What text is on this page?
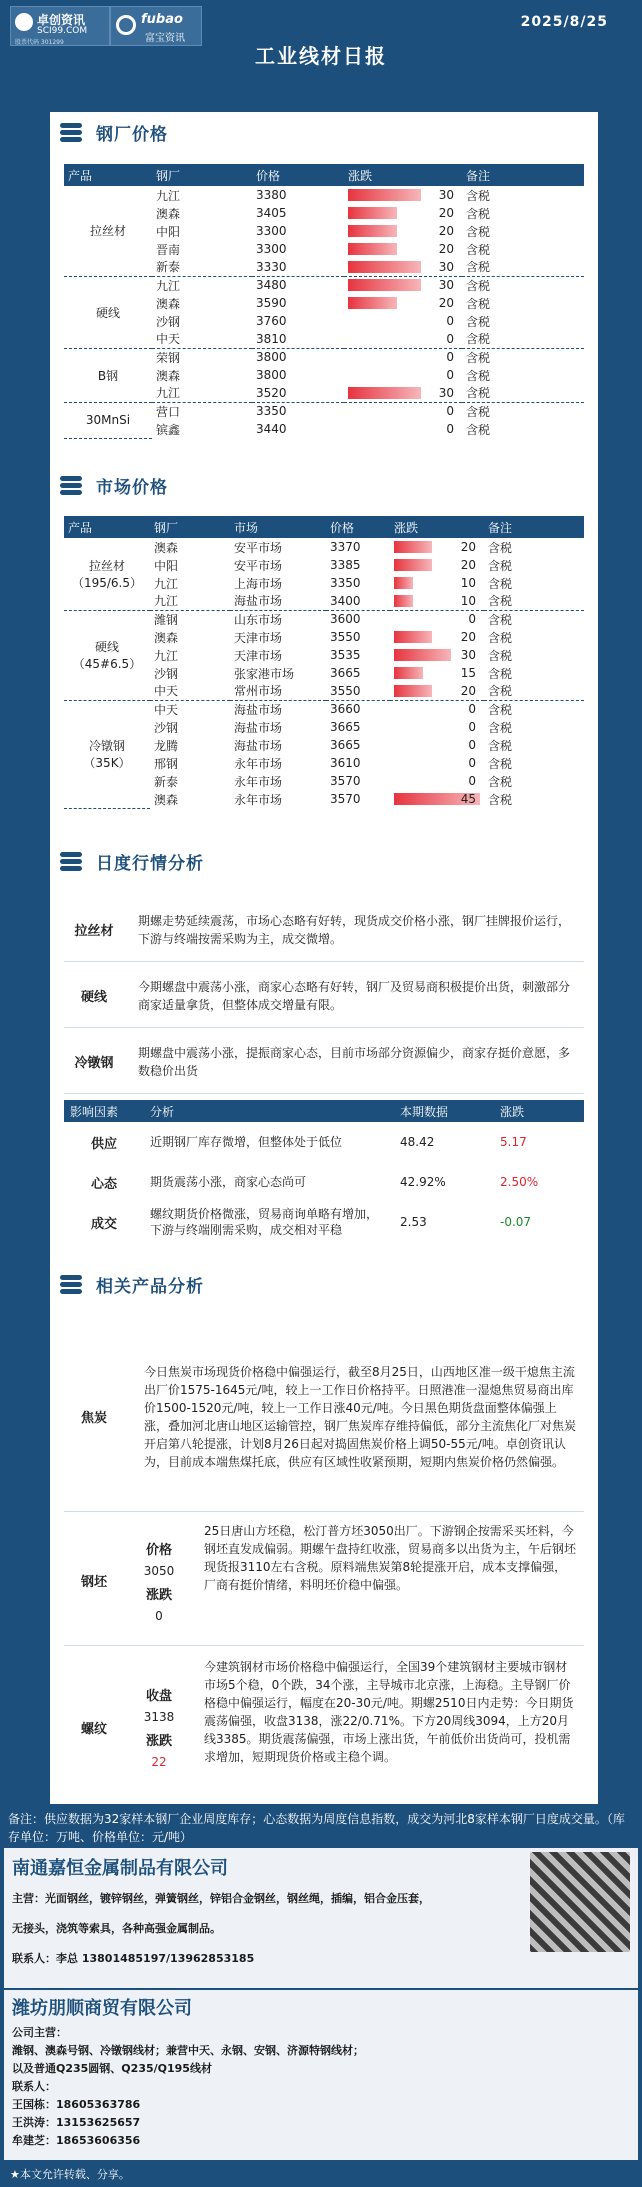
卓创资讯
SCI99.COM
股票代码 301299
fubao
富宝资讯
2025/8/25
工业线材日报
钢厂价格
产品	钢厂	价格	涨跌	备注
拉丝材	九江	3380	30	含税
	澳森	3405	20	含税
	中阳	3300	20	含税
	晋南	3300	20	含税
	新泰	3330	30	含税
硬线	九江	3480	30	含税
	澳森	3590	20	含税
	沙钢	3760	0	含税
	中天	3810	0	含税
B钢	荣钢	3800	0	含税
	澳森	3800	0	含税
	九江	3520	30	含税
30MnSi	营口	3350	0	含税
	镔鑫	3440	0	含税
市场价格
产品	钢厂	市场	价格	涨跌	备注

拉丝材
（195/6.5）	澳森	安平市场	3370	20	含税
	中阳	安平市场	3385	20	含税
	九江	上海市场	3350	10	含税
	九江	海盐市场	3400	10	含税

硬线
（45#6.5）	潍钢	山东市场	3600	0	含税
	澳森	天津市场	3550	20	含税
	九江	天津市场	3535	30	含税
	沙钢	张家港市场	3665	15	含税
	中天	常州市场	3550	20	含税

冷镦钢
（35K）	中天	海盐市场	3660	0	含税
	沙钢	海盐市场	3665	0	含税
	龙腾	海盐市场	3665	0	含税
	邢钢	永年市场	3610	0	含税
	新泰	永年市场	3570	0	含税
	澳森	永年市场	3570	45	含税
日度行情分析
拉丝材
期螺走势延续震荡，市场心态略有好转，现货成交价格小涨，钢厂挂牌报价运行，下游与终端按需采购为主，成交微增。
硬线
今期螺盘中震荡小涨，商家心态略有好转，钢厂及贸易商积极提价出货，刺激部分商家适量拿货，但整体成交增量有限。
冷镦钢
期螺盘中震荡小涨，提振商家心态，目前市场部分资源偏少，商家存挺价意愿，多数稳价出货
影响因素	分析	本期数据	涨跌
供应	近期钢厂库存微增，但整体处于低位	48.42	5.17
心态	期货震荡小涨，商家心态尚可	42.92%	2.50%
成交	螺纹期货价格微涨，贸易商询单略有增加，下游与终端刚需采购，成交相对平稳	2.53	-0.07
相关产品分析
焦炭
今日焦炭市场现货价格稳中偏强运行，截至8月25日，山西地区准一级干熄焦主流出厂价1575-1645元/吨，较上一工作日价格持平。日照港准一湿熄焦贸易商出库价1500-1520元/吨，较上一工作日涨40元/吨。今日黑色期货盘面整体偏强上涨，叠加河北唐山地区运输管控，钢厂焦炭库存维持偏低，部分主流焦化厂对焦炭开启第八轮提涨，计划8月26日起对捣固焦炭价格上调50-55元/吨。卓创资讯认为，目前成本端焦煤托底，供应有区域性收紧预期，短期内焦炭价格仍然偏强。
钢坯
价格
3050
涨跌
0
25日唐山方坯稳，松汀普方坯3050出厂。下游钢企按需采买坯料，今钢坯直发成偏弱。期螺午盘持红收涨，贸易商多以出货为主，午后钢坯现货报3110左右含税。原料端焦炭第8轮提涨开启，成本支撑偏强，厂商有挺价情绪，料明坯价稳中偏强。
螺纹
收盘
3138
涨跌
22
今建筑钢材市场价格稳中偏强运行，全国39个建筑钢材主要城市钢材市场5个稳，0个跌，34个涨，主导城市北京涨，上海稳。主导钢厂价格稳中偏强运行，幅度在20-30元/吨。期螺2510日内走势：今日期货震荡偏强，收盘3138，涨22/0.71%。下方20周线3094，上方20月线3385。期货震荡偏强，市场上涨出货，午前低价出货尚可，投机需求增加，短期现货价格或主稳个调。
备注：供应数据为32家样本钢厂企业周度库存；心态数据为周度信息指数，成交为河北8家样本钢厂日度成交量。（库存单位：万吨、价格单位：元/吨）
南通嘉恒金属制品有限公司
主营：光面钢丝，镀锌钢丝，弹簧钢丝，锌铝合金钢丝，钢丝绳，插编，铝合金压套，
无接头，浇筑等索具，各种高强金属制品。
联系人：李总 13801485197/13962853185
潍坊朋顺商贸有限公司
公司主营：
潍钢、澳森号钢、冷镦钢线材；兼营中天、永钢、安钢、济源特钢线材；
以及普通Q235圆钢、Q235/Q195线材
联系人：
王国栋：18605363786
王洪涛：13153625657
牟建芝：18653606356
★本文允许转载、分享。
